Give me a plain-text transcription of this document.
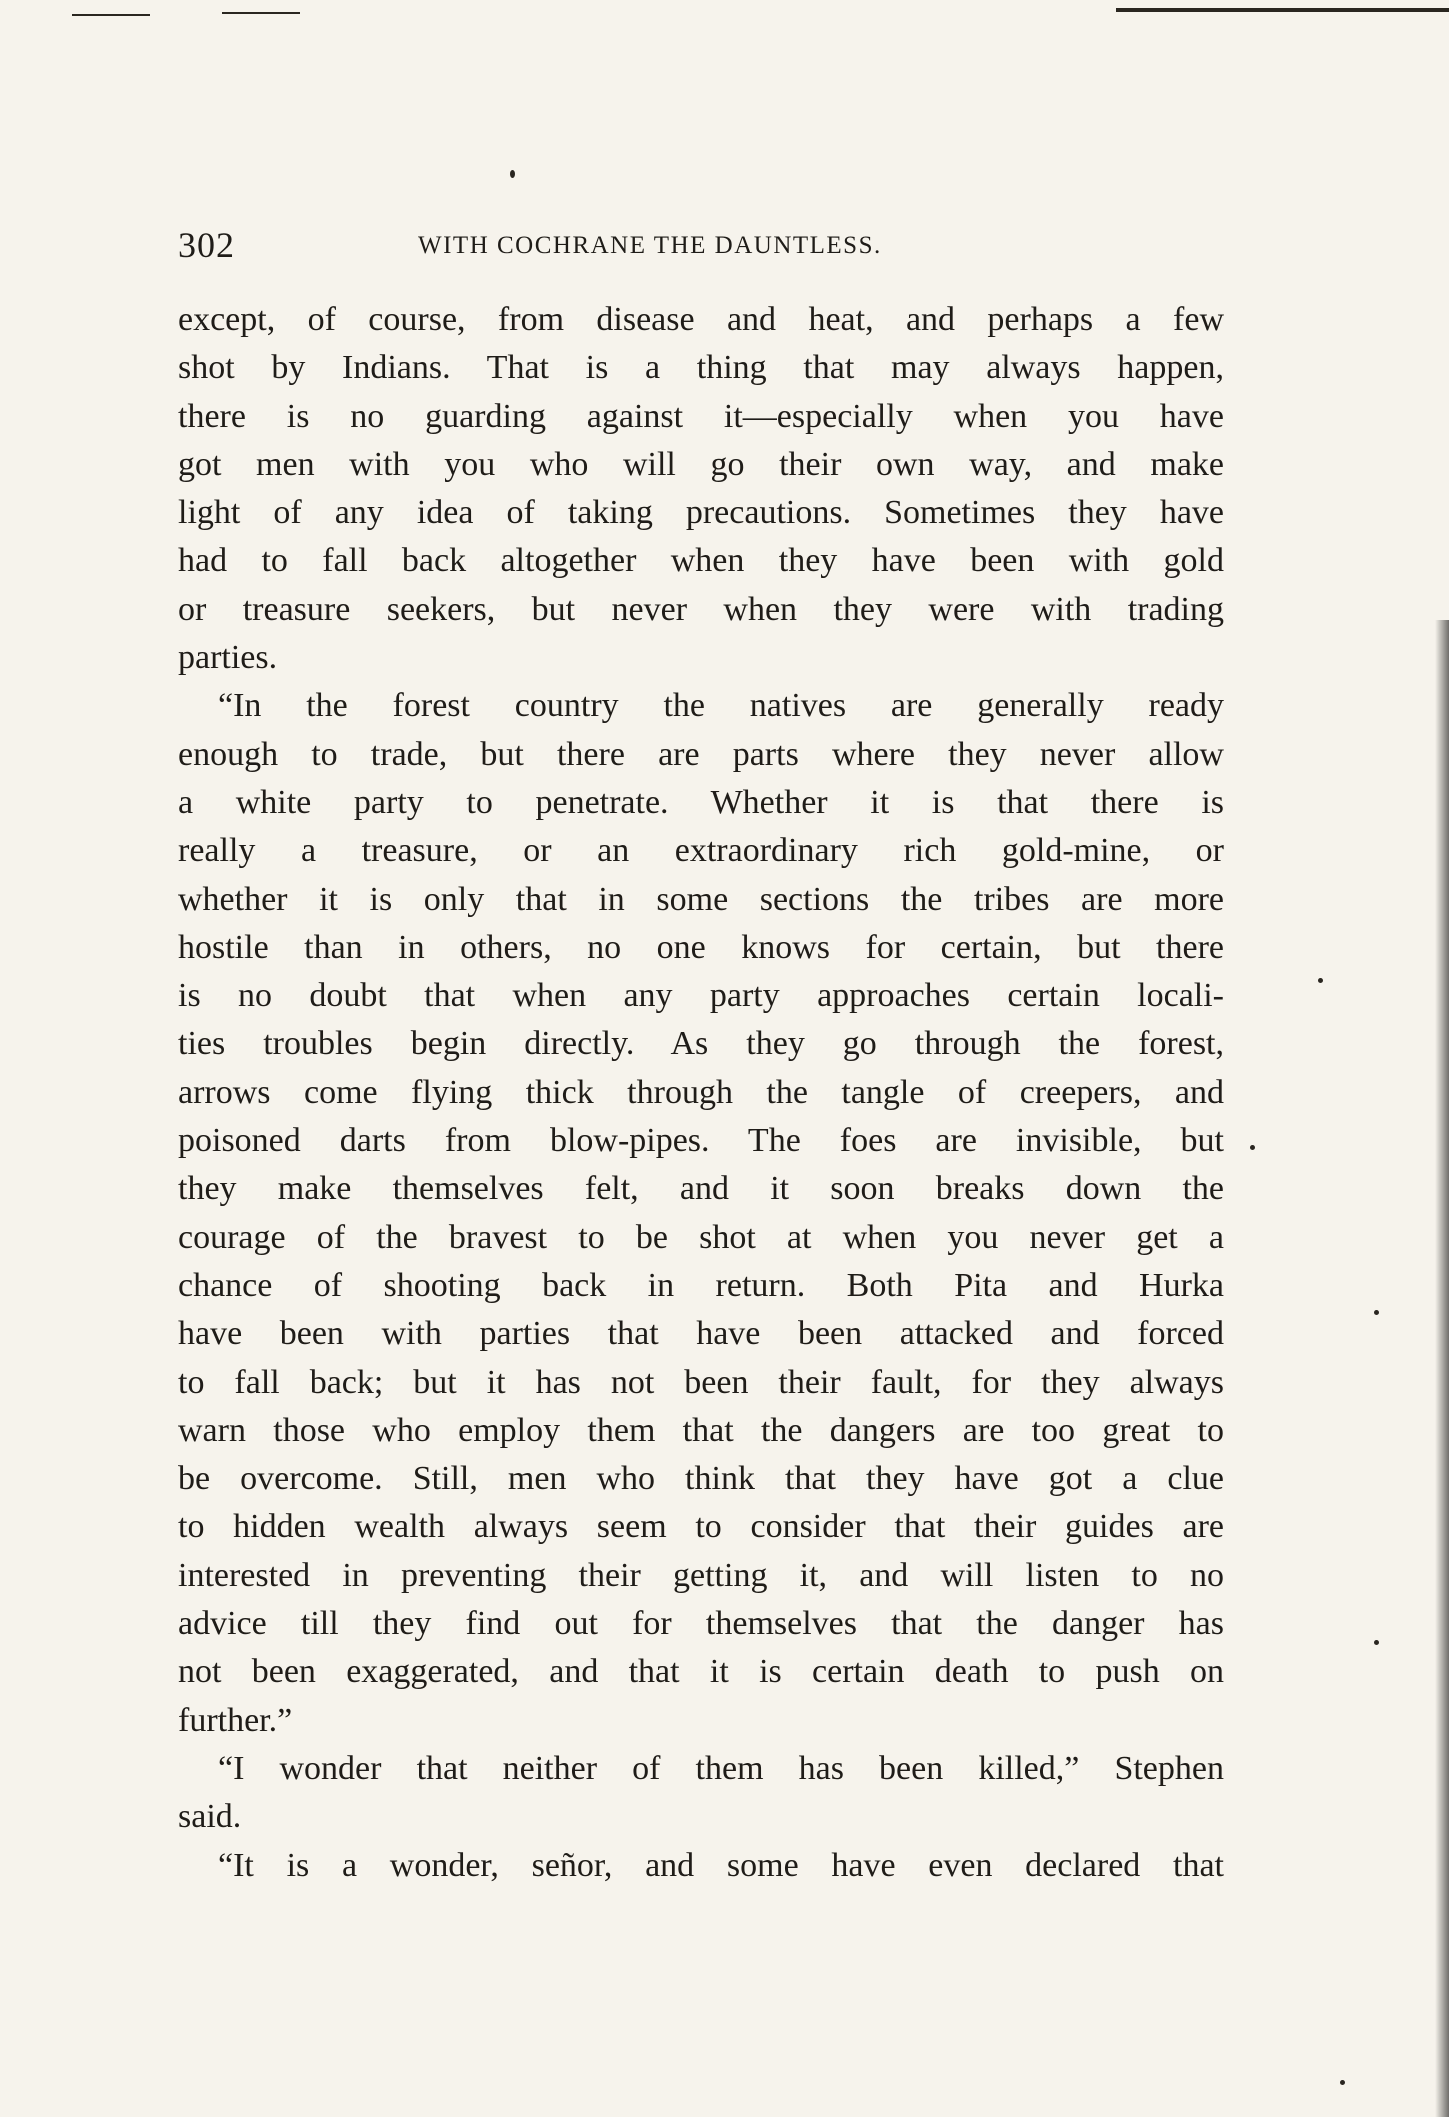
302	WITH COCHRANE THE DAUNTLESS.
except, of course, from disease and heat, and perhaps a few
shot by Indians. That is a thing that may always happen,
there is no guarding against it—especially when you have
got men with you who will go their own way, and make
light of any idea of taking precautions. Sometimes they have
had to fall back altogether when they have been with gold
or treasure seekers, but never when they were with trading
parties.
“In the forest country the natives are generally ready
enough to trade, but there are parts where they never allow
a white party to penetrate. Whether it is that there is
really a treasure, or an extraordinary rich gold-mine, or
whether it is only that in some sections the tribes are more
hostile than in others, no one knows for certain, but there
is no doubt that when any party approaches certain locali-
ties troubles begin directly. As they go through the forest,
arrows come flying thick through the tangle of creepers, and
poisoned darts from blow-pipes. The foes are invisible, but
they make themselves felt, and it soon breaks down the
courage of the bravest to be shot at when you never get a
chance of shooting back in return. Both Pita and Hurka
have been with parties that have been attacked and forced
to fall back; but it has not been their fault, for they always
warn those who employ them that the dangers are too great to
be overcome. Still, men who think that they have got a clue
to hidden wealth always seem to consider that their guides are
interested in preventing their getting it, and will listen to no
advice till they find out for themselves that the danger has
not been exaggerated, and that it is certain death to push on
further.”
“I wonder that neither of them has been killed,” Stephen
said.
“It is a wonder, señor, and some have even declared that
